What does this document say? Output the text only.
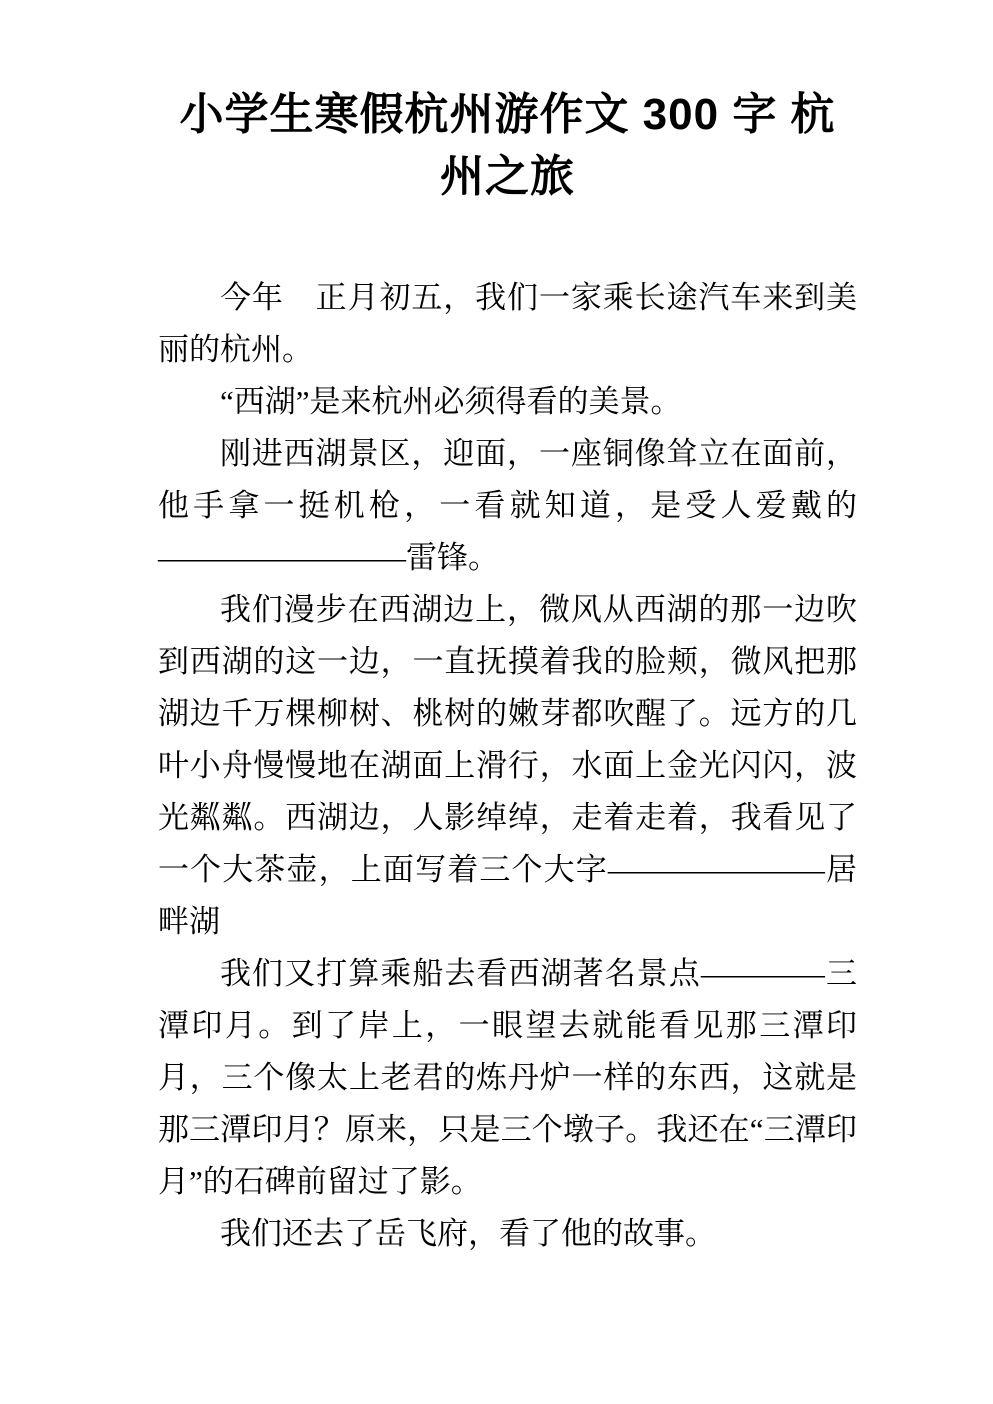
小学生寒假杭州游作文 300 字 杭州之旅

今年　正月初五，我们一家乘长途汽车来到美丽的杭州。

“西湖”是来杭州必须得看的美景。

刚进西湖景区，迎面，一座铜像耸立在面前，他手拿一挺机枪，一看就知道，是受人爱戴的————————雷锋。

我们漫步在西湖边上，微风从西湖的那一边吹到西湖的这一边，一直抚摸着我的脸颊，微风把那湖边千万棵柳树、桃树的嫩芽都吹醒了。远方的几叶小舟慢慢地在湖面上滑行，水面上金光闪闪，波光粼粼。西湖边，人影绰绰，走着走着，我看见了一个大茶壶，上面写着三个大字———————居畔湖

我们又打算乘船去看西湖著名景点————三潭印月。到了岸上，一眼望去就能看见那三潭印月，三个像太上老君的炼丹炉一样的东西，这就是那三潭印月？原来，只是三个墩子。我还在“三潭印月”的石碑前留过了影。

我们还去了岳飞府，看了他的故事。
